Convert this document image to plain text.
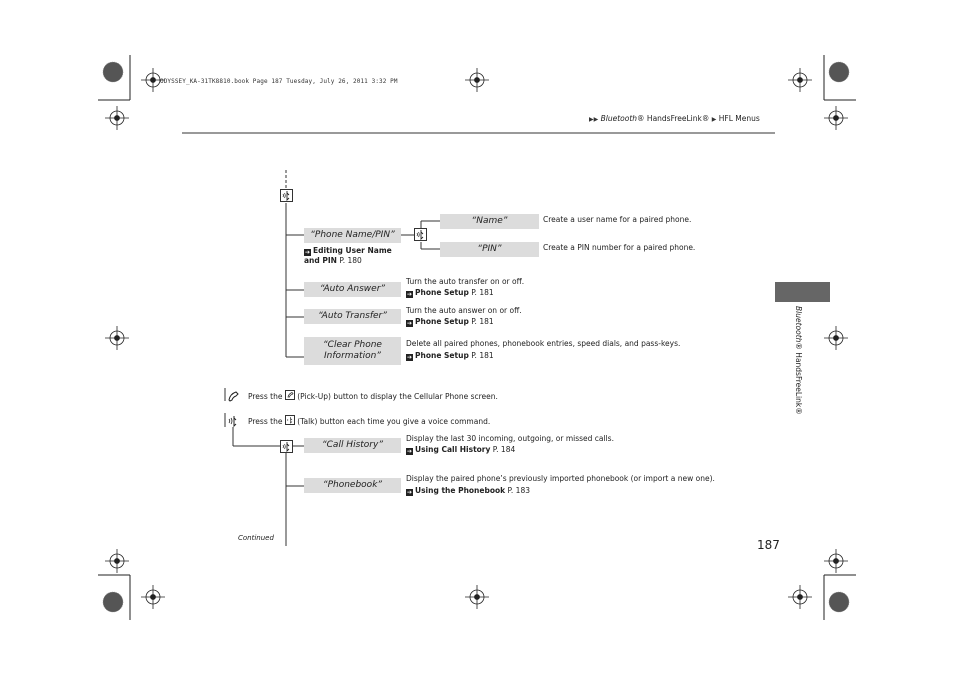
ODYSSEY_KA-31TK8810.book Page 187 Tuesday, July 26, 2011 3:32 PM
▶▶ Bluetooth® HandsFreeLink® ▶ HFL Menus
Bluetooth® HandsFreeLink®
“Phone Name/PIN”
“Name”	Create a user name for a paired phone.
“PIN”	Create a PIN number for a paired phone.
➔ Editing User Name
and PIN P. 180
“Auto Answer”
Turn the auto transfer on or off.
➔ Phone Setup P. 181
“Auto Transfer”
Turn the auto answer on or off.
➔ Phone Setup P. 181
“Clear Phone
Information”
Delete all paired phones, phonebook entries, speed dials, and pass-keys.
➔ Phone Setup P. 181
Press the (Pick-Up) button to display the Cellular Phone screen.
Press the (Talk) button each time you give a voice command.
“Call History”
Display the last 30 incoming, outgoing, or missed calls.
➔ Using Call History P. 184
“Phonebook”
Display the paired phone’s previously imported phonebook (or import a new one).
➔ Using the Phonebook P. 183
Continued	187
